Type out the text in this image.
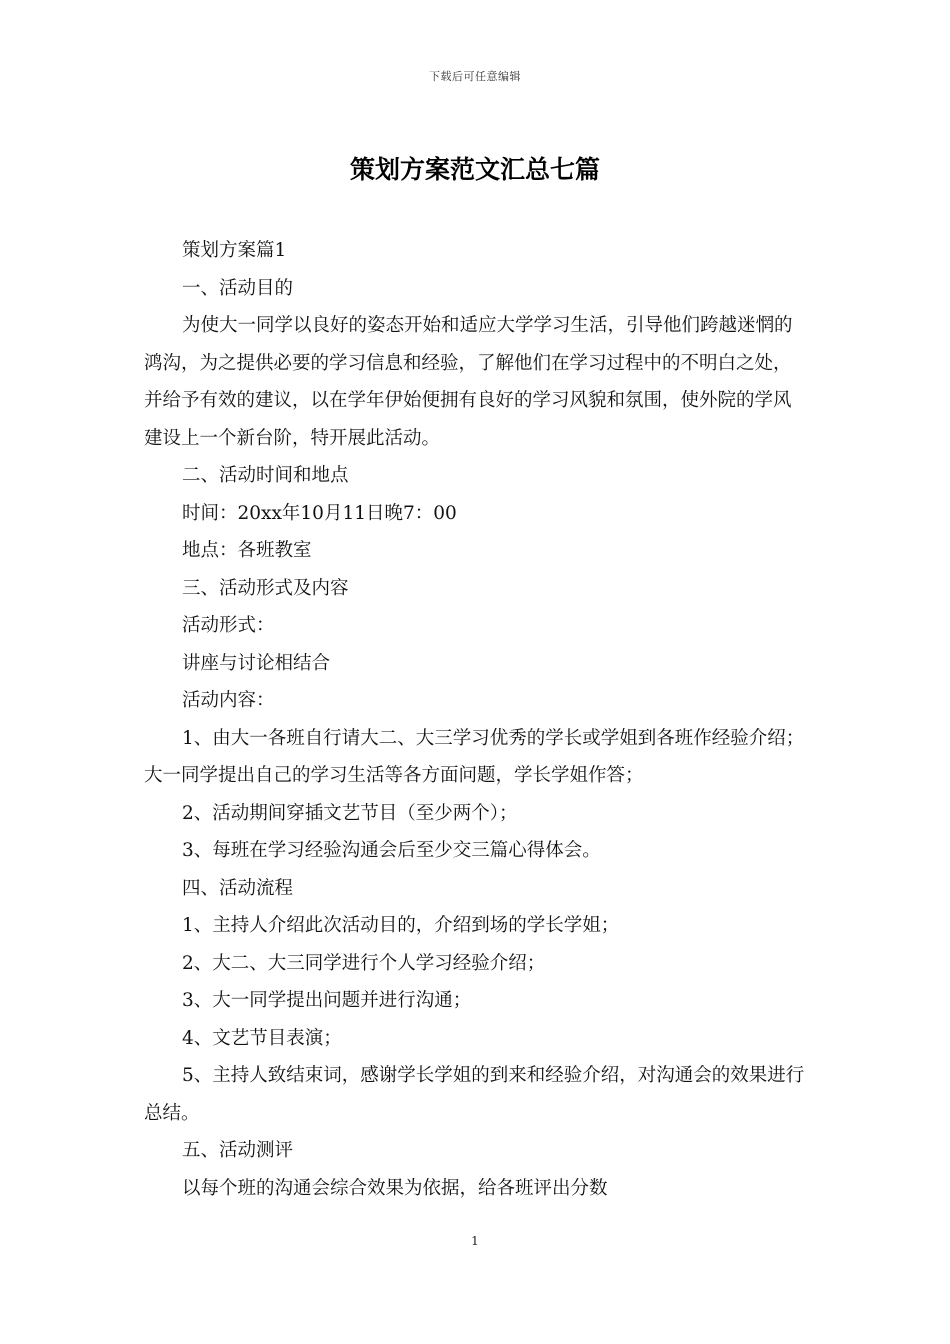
下载后可任意编辑
策划方案范文汇总七篇

策划方案篇1

一、活动目的

为使大一同学以良好的姿态开始和适应大学学习生活，引导他们跨越迷惘的鸿沟，为之提供必要的学习信息和经验，了解他们在学习过程中的不明白之处，并给予有效的建议，以在学年伊始便拥有良好的学习风貌和氛围，使外院的学风建设上一个新台阶，特开展此活动。

二、活动时间和地点

时间：20xx年10月11日晚7：00

地点：各班教室

三、活动形式及内容

活动形式：

讲座与讨论相结合

活动内容：

1、由大一各班自行请大二、大三学习优秀的学长或学姐到各班作经验介绍；大一同学提出自己的学习生活等各方面问题，学长学姐作答；

2、活动期间穿插文艺节目（至少两个）；

3、每班在学习经验沟通会后至少交三篇心得体会。

四、活动流程

1、主持人介绍此次活动目的，介绍到场的学长学姐；

2、大二、大三同学进行个人学习经验介绍；

3、大一同学提出问题并进行沟通；

4、文艺节目表演；

5、主持人致结束词，感谢学长学姐的到来和经验介绍，对沟通会的效果进行总结。

五、活动测评

以每个班的沟通会综合效果为依据，给各班评出分数

1
